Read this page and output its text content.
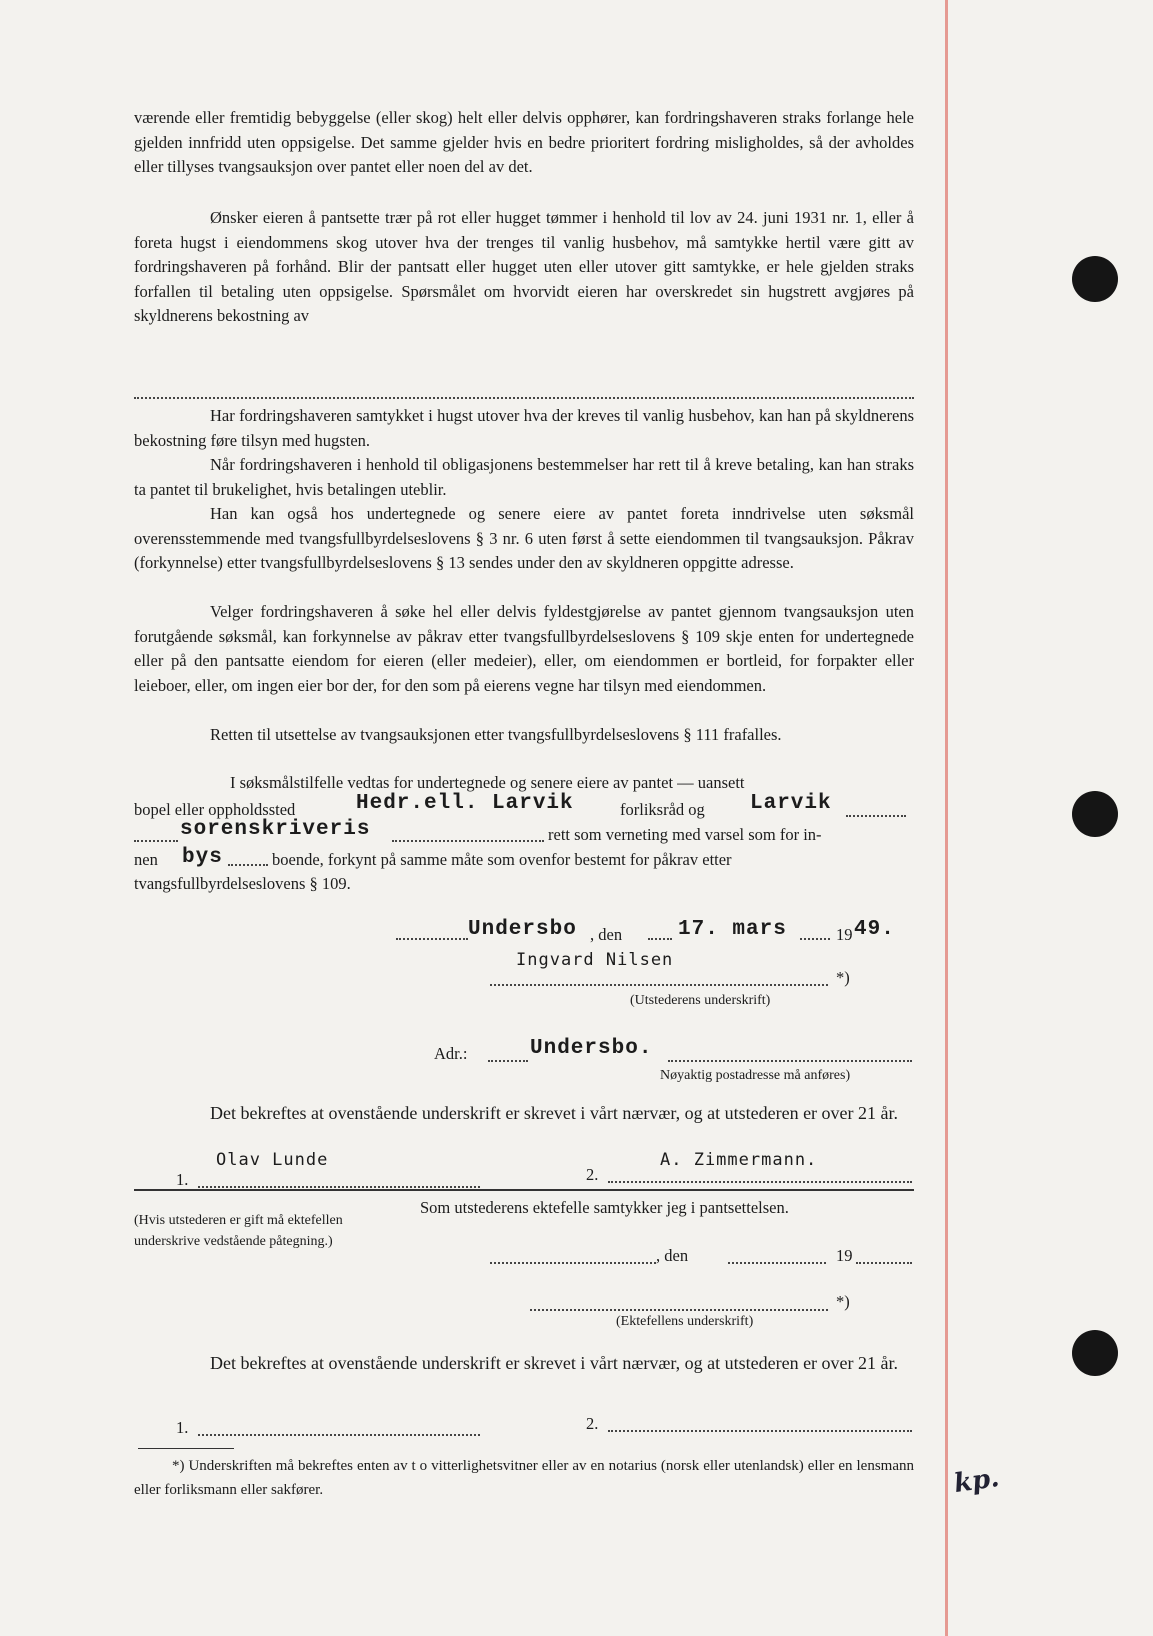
værende eller fremtidig bebyggelse (eller skog) helt eller delvis opphører, kan fordringshaveren straks forlange hele gjelden innfridd uten oppsigelse. Det samme gjelder hvis en bedre prioritert fordring misligholdes, så der avholdes eller tillyses tvangsauksjon over pantet eller noen del av det.

Ønsker eieren å pantsette trær på rot eller hugget tømmer i henhold til lov av 24. juni 1931 nr. 1, eller å foreta hugst i eiendommens skog utover hva der trenges til vanlig husbehov, må samtykke hertil være gitt av fordringshaveren på forhånd. Blir der pantsatt eller hugget uten eller utover gitt samtykke, er hele gjelden straks forfallen til betaling uten oppsigelse. Spørsmålet om hvorvidt eieren har overskredet sin hugstrett avgjøres på skyldnerens bekostning av

Har fordringshaveren samtykket i hugst utover hva der kreves til vanlig husbehov, kan han på skyldnerens bekostning føre tilsyn med hugsten.

Når fordringshaveren i henhold til obligasjonens bestemmelser har rett til å kreve betaling, kan han straks ta pantet til brukelighet, hvis betalingen uteblir.

Han kan også hos undertegnede og senere eiere av pantet foreta inndrivelse uten søksmål overensstemmende med tvangsfullbyrdelseslovens § 3 nr. 6 uten først å sette eiendommen til tvangsauksjon. Påkrav (forkynnelse) etter tvangsfullbyrdelseslovens § 13 sendes under den av skyldneren oppgitte adresse.

Velger fordringshaveren å søke hel eller delvis fyldestgjørelse av pantet gjennom tvangsauksjon uten forutgående søksmål, kan forkynnelse av påkrav etter tvangsfullbyrdelseslovens § 109 skje enten for undertegnede eller på den pantsatte eiendom for eieren (eller medeier), eller, om eiendommen er bortleid, for forpakter eller leieboer, eller, om ingen eier bor der, for den som på eierens vegne har tilsyn med eiendommen.

Retten til utsettelse av tvangsauksjonen etter tvangsfullbyrdelseslovens § 111 frafalles.

I søksmålstilfelle vedtas for undertegnede og senere eiere av pantet — uansett
bopel eller oppholdssted	Hedr.ell. Larvik	forliksråd og Larvik
sorenskriveris	rett som verneting med varsel som for in-
nen bys	boende, forkynt på samme måte som ovenfor bestemt for påkrav etter
tvangsfullbyrdelseslovens § 109.
Undersbo , den	17. mars	19 49.
Ingvard Nilsen
*)
(Utstederens underskrift)
Adr.:	Undersbo.
Nøyaktig postadresse må anføres)

Det bekreftes at ovenstående underskrift er skrevet i vårt nærvær, og at utstederen er over 21 år.

Olav Lunde	A. Zimmermann.
1.	2.
(Hvis utstederen er gift må ektefellen underskrive vedstående påtegning.)
Som utstederens ektefelle samtykker jeg i pantsettelsen.
, den	19
*)
(Ektefellens underskrift)

Det bekreftes at ovenstående underskrift er skrevet i vårt nærvær, og at utstederen er over 21 år.

1.	2.

*) Underskriften må bekreftes enten av t o vitterlighetsvitner eller av en notarius (norsk eller utenlandsk) eller en lensmann eller forliksmann eller sakfører.	kp.
